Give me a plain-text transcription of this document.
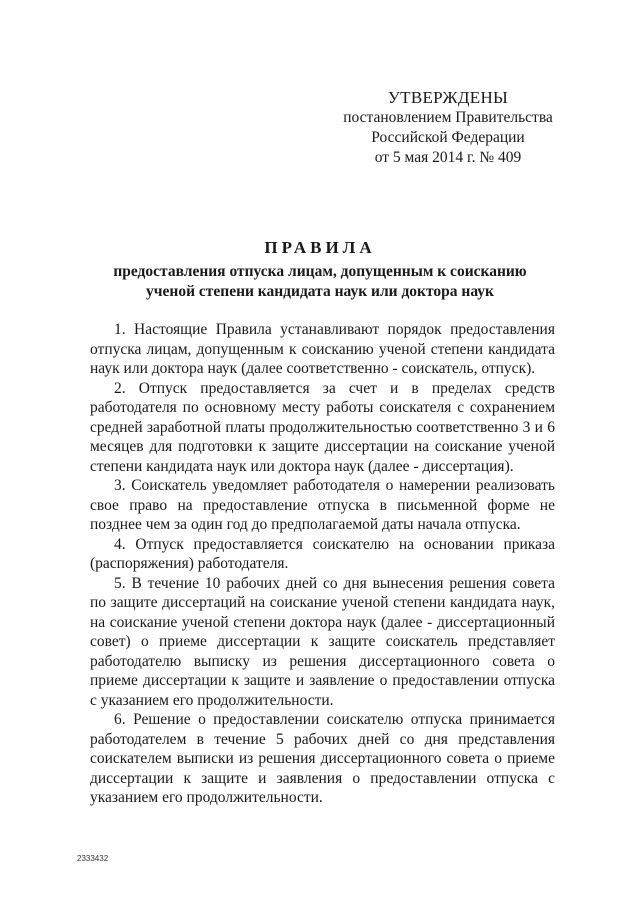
УТВЕРЖДЕНЫ
постановлением Правительства
Российской Федерации
от 5 мая 2014 г. № 409
ПРАВИЛА
предоставления отпуска лицам, допущенным к соисканию ученой степени кандидата наук или доктора наук

1. Настоящие Правила устанавливают порядок предоставления отпуска лицам, допущенным к соисканию ученой степени кандидата наук или доктора наук (далее соответственно - соискатель, отпуск).

2. Отпуск предоставляется за счет и в пределах средств работодателя по основному месту работы соискателя с сохранением средней заработной платы продолжительностью соответственно 3 и 6 месяцев для подготовки к защите диссертации на соискание ученой степени кандидата наук или доктора наук (далее - диссертация).

3. Соискатель уведомляет работодателя о намерении реализовать свое право на предоставление отпуска в письменной форме не позднее чем за один год до предполагаемой даты начала отпуска.

4. Отпуск предоставляется соискателю на основании приказа (распоряжения) работодателя.

5. В течение 10 рабочих дней со дня вынесения решения совета по защите диссертаций на соискание ученой степени кандидата наук, на соискание ученой степени доктора наук (далее - диссертационный совет) о приеме диссертации к защите соискатель представляет работодателю выписку из решения диссертационного совета о приеме диссертации к защите и заявление о предоставлении отпуска с указанием его продолжительности.

6. Решение о предоставлении соискателю отпуска принимается работодателем в течение 5 рабочих дней со дня представления соискателем выписки из решения диссертационного совета о приеме диссертации к защите и заявления о предоставлении отпуска с указанием его продолжительности.

2333432
